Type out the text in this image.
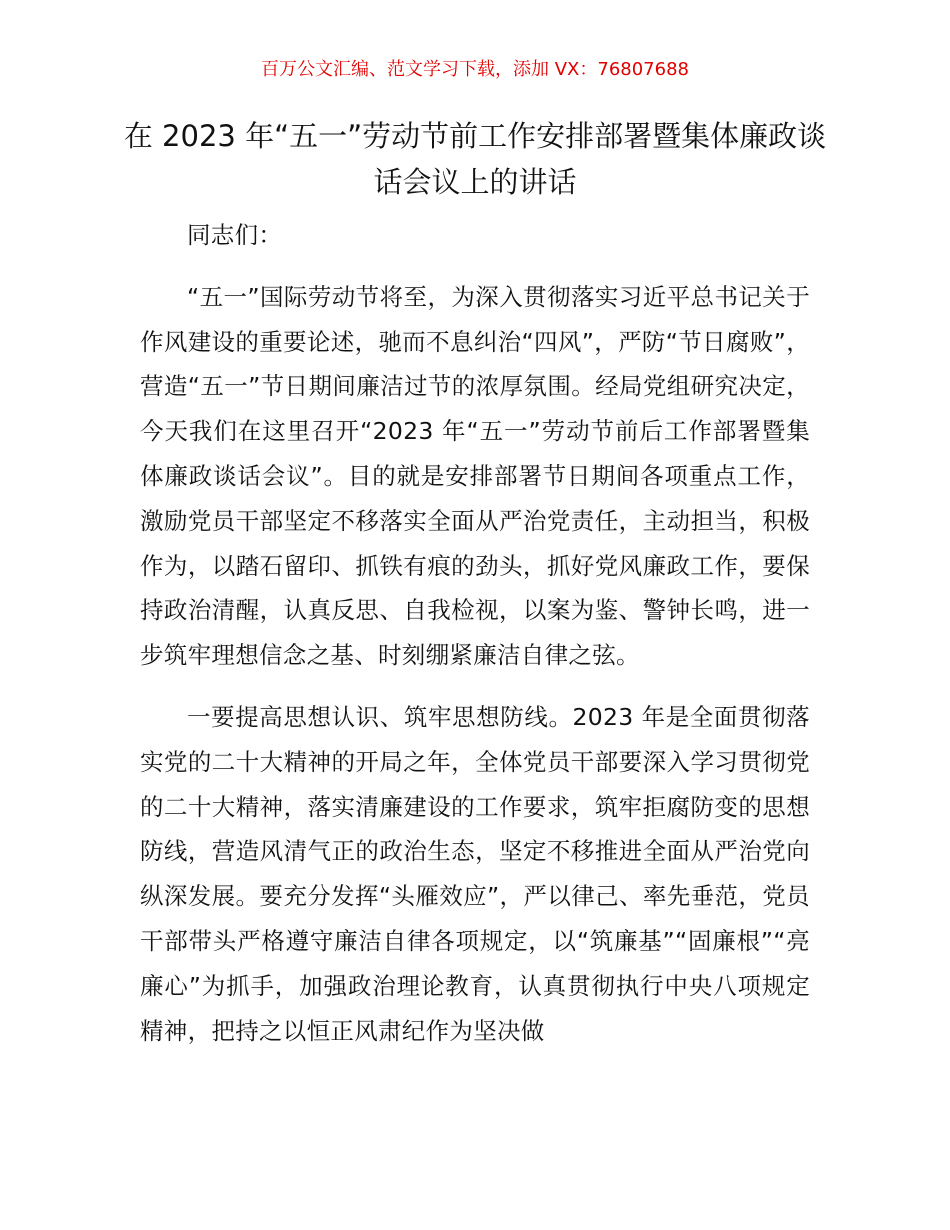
百万公文汇编、范文学习下载，添加 VX：76807688
在 2023 年“五一”劳动节前工作安排部署暨集体廉政谈话会议上的讲话

同志们：

“五一”国际劳动节将至，为深入贯彻落实习近平总书记关于作风建设的重要论述，驰而不息纠治“四风”，严防“节日腐败”，营造“五一”节日期间廉洁过节的浓厚氛围。经局党组研究决定，今天我们在这里召开“2023 年“五一”劳动节前后工作部署暨集体廉政谈话会议”。目的就是安排部署节日期间各项重点工作，激励党员干部坚定不移落实全面从严治党责任，主动担当，积极作为，以踏石留印、抓铁有痕的劲头，抓好党风廉政工作，要保持政治清醒，认真反思、自我检视，以案为鉴、警钟长鸣，进一步筑牢理想信念之基、时刻绷紧廉洁自律之弦。

一要提高思想认识、筑牢思想防线。2023 年是全面贯彻落实党的二十大精神的开局之年，全体党员干部要深入学习贯彻党的二十大精神，落实清廉建设的工作要求，筑牢拒腐防变的思想防线，营造风清气正的政治生态，坚定不移推进全面从严治党向纵深发展。要充分发挥“头雁效应”，严以律己、率先垂范，党员干部带头严格遵守廉洁自律各项规定，以“筑廉基”“固廉根”“亮廉心”为抓手，加强政治理论教育，认真贯彻执行中央八项规定精神，把持之以恒正风肃纪作为坚决做
